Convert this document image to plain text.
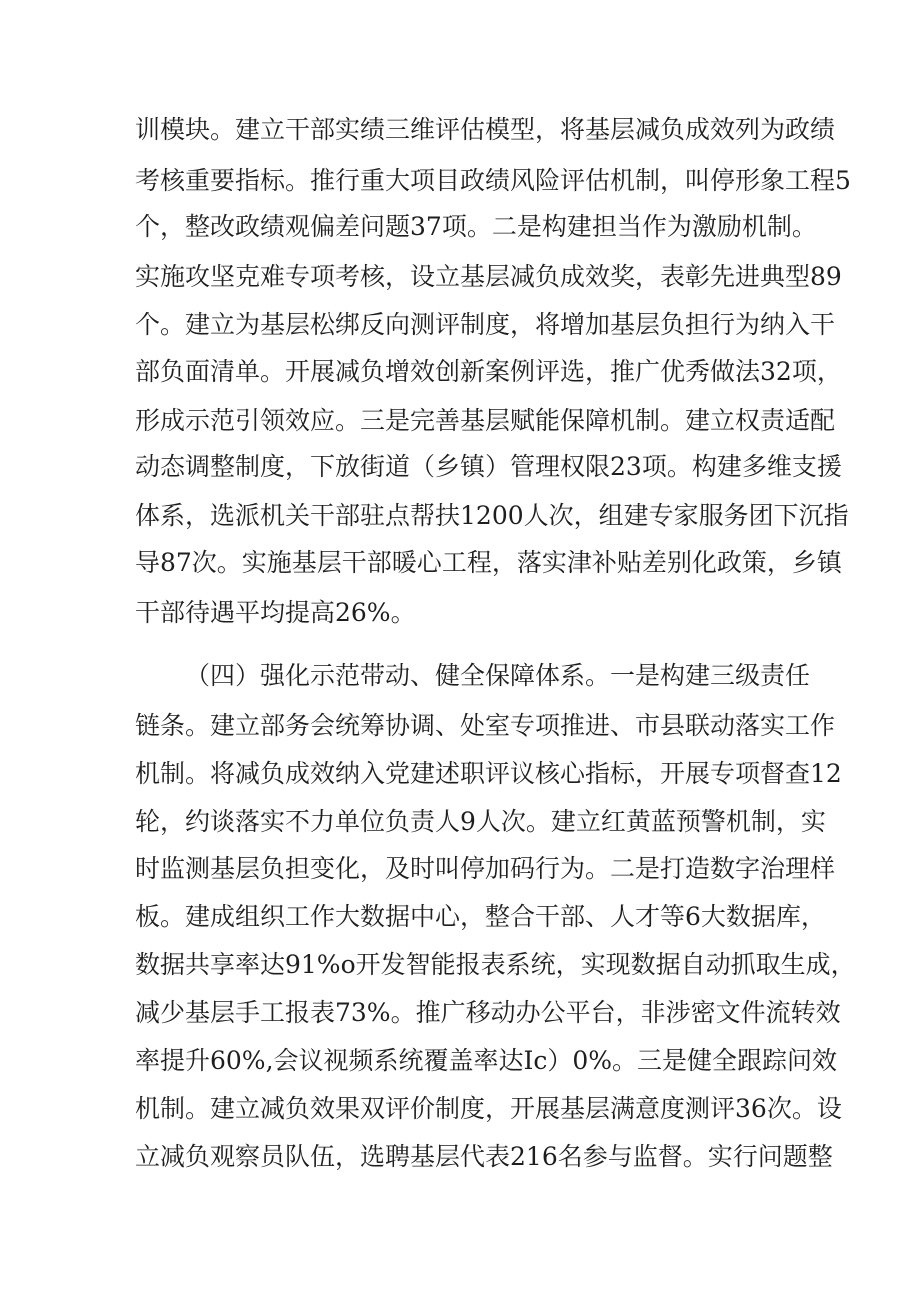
训模块。建立干部实绩三维评估模型，将基层减负成效列为政绩
考核重要指标。推行重大项目政绩风险评估机制，叫停形象工程5
个，整改政绩观偏差问题37项。二是构建担当作为激励机制。
实施攻坚克难专项考核，设立基层减负成效奖，表彰先进典型89
个。建立为基层松绑反向测评制度，将增加基层负担行为纳入干
部负面清单。开展减负增效创新案例评选，推广优秀做法32项，
形成示范引领效应。三是完善基层赋能保障机制。建立权责适配
动态调整制度，下放街道（乡镇）管理权限23项。构建多维支援
体系，选派机关干部驻点帮扶1200人次，组建专家服务团下沉指
导87次。实施基层干部暖心工程，落实津补贴差别化政策，乡镇
干部待遇平均提高26%。
（四）强化示范带动、健全保障体系。一是构建三级责任
链条。建立部务会统筹协调、处室专项推进、市县联动落实工作
机制。将减负成效纳入党建述职评议核心指标，开展专项督查12
轮，约谈落实不力单位负责人9人次。建立红黄蓝预警机制，实
时监测基层负担变化，及时叫停加码行为。二是打造数字治理样
板。建成组织工作大数据中心，整合干部、人才等6大数据库，
数据共享率达91%o开发智能报表系统，实现数据自动抓取生成，
减少基层手工报表73%。推广移动办公平台，非涉密文件流转效
率提升60%,会议视频系统覆盖率达Ic）0%。三是健全跟踪问效
机制。建立减负效果双评价制度，开展基层满意度测评36次。设
立减负观察员队伍，选聘基层代表216名参与监督。实行问题整
